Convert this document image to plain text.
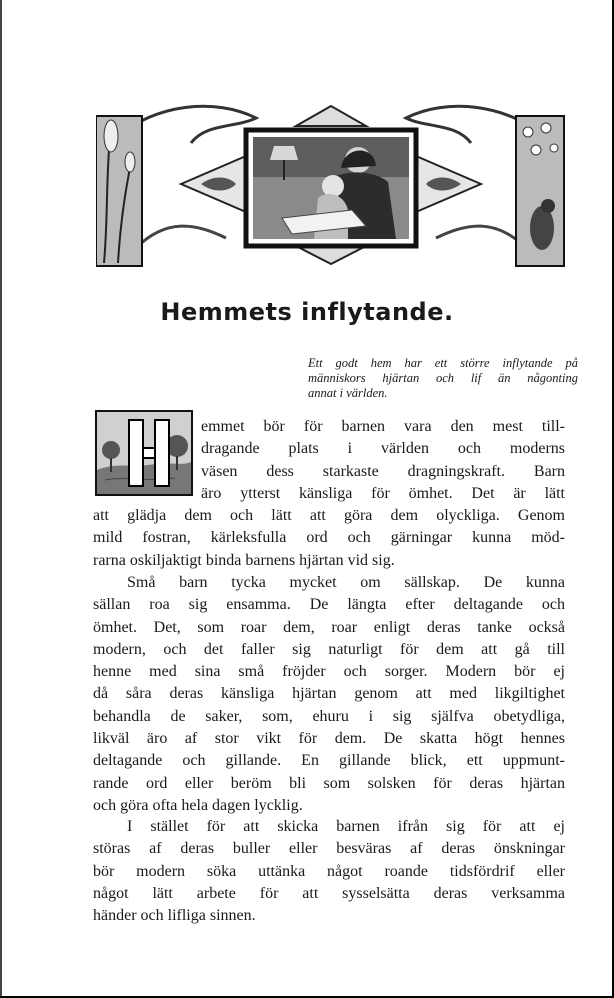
Hemmets inflytande.
Ett godt hem har ett större inflytande på
människors hjärtan och lif än någonting
annat i världen.
emmet bör för barnen vara den mest till-
dragande plats i världen och moderns
väsen dess starkaste dragningskraft. Barn
äro ytterst känsliga för ömhet. Det är lätt
att glädja dem och lätt att göra dem olyckliga. Genom
mild fostran, kärleksfulla ord och gärningar kunna möd-
rarna oskiljaktigt binda barnens hjärtan vid sig.
Små barn tycka mycket om sällskap. De kunna
sällan roa sig ensamma. De längta efter deltagande och
ömhet. Det, som roar dem, roar enligt deras tanke också
modern, och det faller sig naturligt för dem att gå till
henne med sina små fröjder och sorger. Modern bör ej
då såra deras känsliga hjärtan genom att med likgiltighet
behandla de saker, som, ehuru i sig själfva obetydliga,
likväl äro af stor vikt för dem. De skatta högt hennes
deltagande och gillande. En gillande blick, ett uppmunt-
rande ord eller beröm bli som solsken för deras hjärtan
och göra ofta hela dagen lycklig.
I stället för att skicka barnen ifrån sig för att ej
störas af deras buller eller besväras af deras önskningar
bör modern söka uttänka något roande tidsfördrif eller
något lätt arbete för att sysselsätta deras verksamma
händer och lifliga sinnen.
